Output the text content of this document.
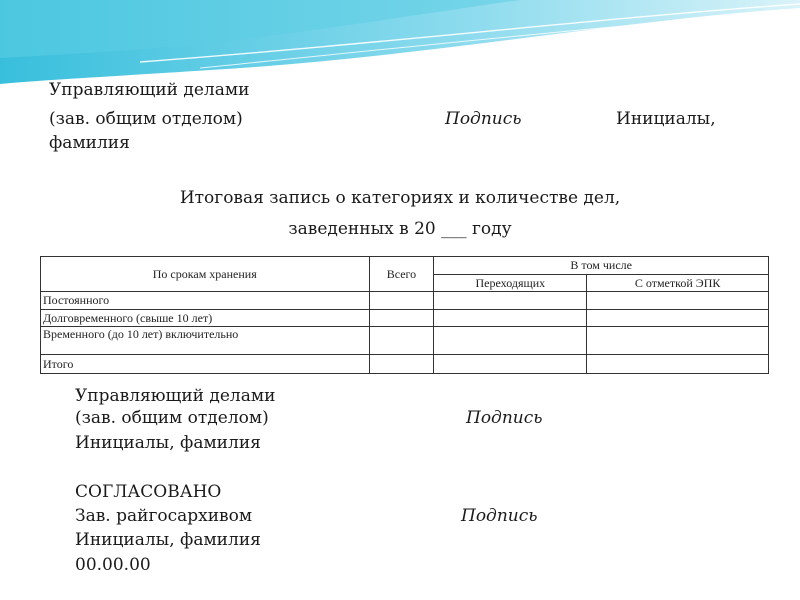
Управляющий делами
(зав. общим отделом)	Подпись	Инициалы,
фамилия
Итоговая запись о категориях и количестве дел,
заведенных в 20 ___ году
По срокам хранения	Всего	В том числе	
		Переходящих	С отметкой ЭПК
Постоянного			
Долговременного (свыше 10 лет)			
Временного (до 10 лет) включительно			
Итого			
Управляющий делами
(зав. общим отделом)	Подпись
Инициалы, фамилия
СОГЛАСОВАНО
Зав. райгосархивом	Подпись
Инициалы, фамилия
00.00.00
